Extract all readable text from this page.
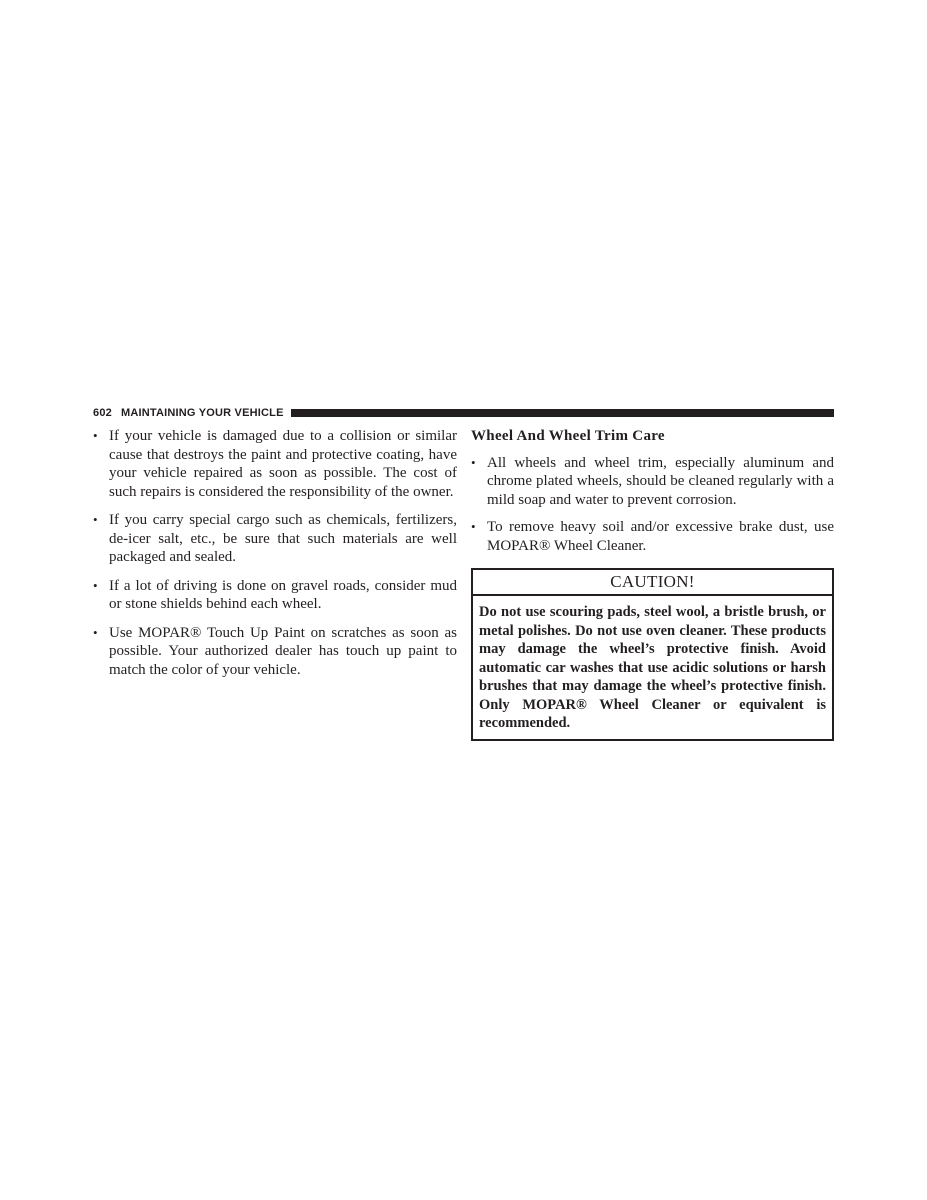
602 MAINTAINING YOUR VEHICLE
• If your vehicle is damaged due to a collision or similar cause that destroys the paint and protective coating, have your vehicle repaired as soon as possible. The cost of such repairs is considered the responsibility of the owner.
• If you carry special cargo such as chemicals, fertilizers, de-icer salt, etc., be sure that such materials are well packaged and sealed.
• If a lot of driving is done on gravel roads, consider mud or stone shields behind each wheel.
• Use MOPAR® Touch Up Paint on scratches as soon as possible. Your authorized dealer has touch up paint to match the color of your vehicle.
Wheel And Wheel Trim Care
• All wheels and wheel trim, especially aluminum and chrome plated wheels, should be cleaned regularly with a mild soap and water to prevent corrosion.
• To remove heavy soil and/or excessive brake dust, use MOPAR® Wheel Cleaner.
CAUTION!
Do not use scouring pads, steel wool, a bristle brush, or metal polishes. Do not use oven cleaner. These products may damage the wheel’s protective finish. Avoid automatic car washes that use acidic solutions or harsh brushes that may damage the wheel’s protective finish. Only MOPAR® Wheel Cleaner or equivalent is recommended.
